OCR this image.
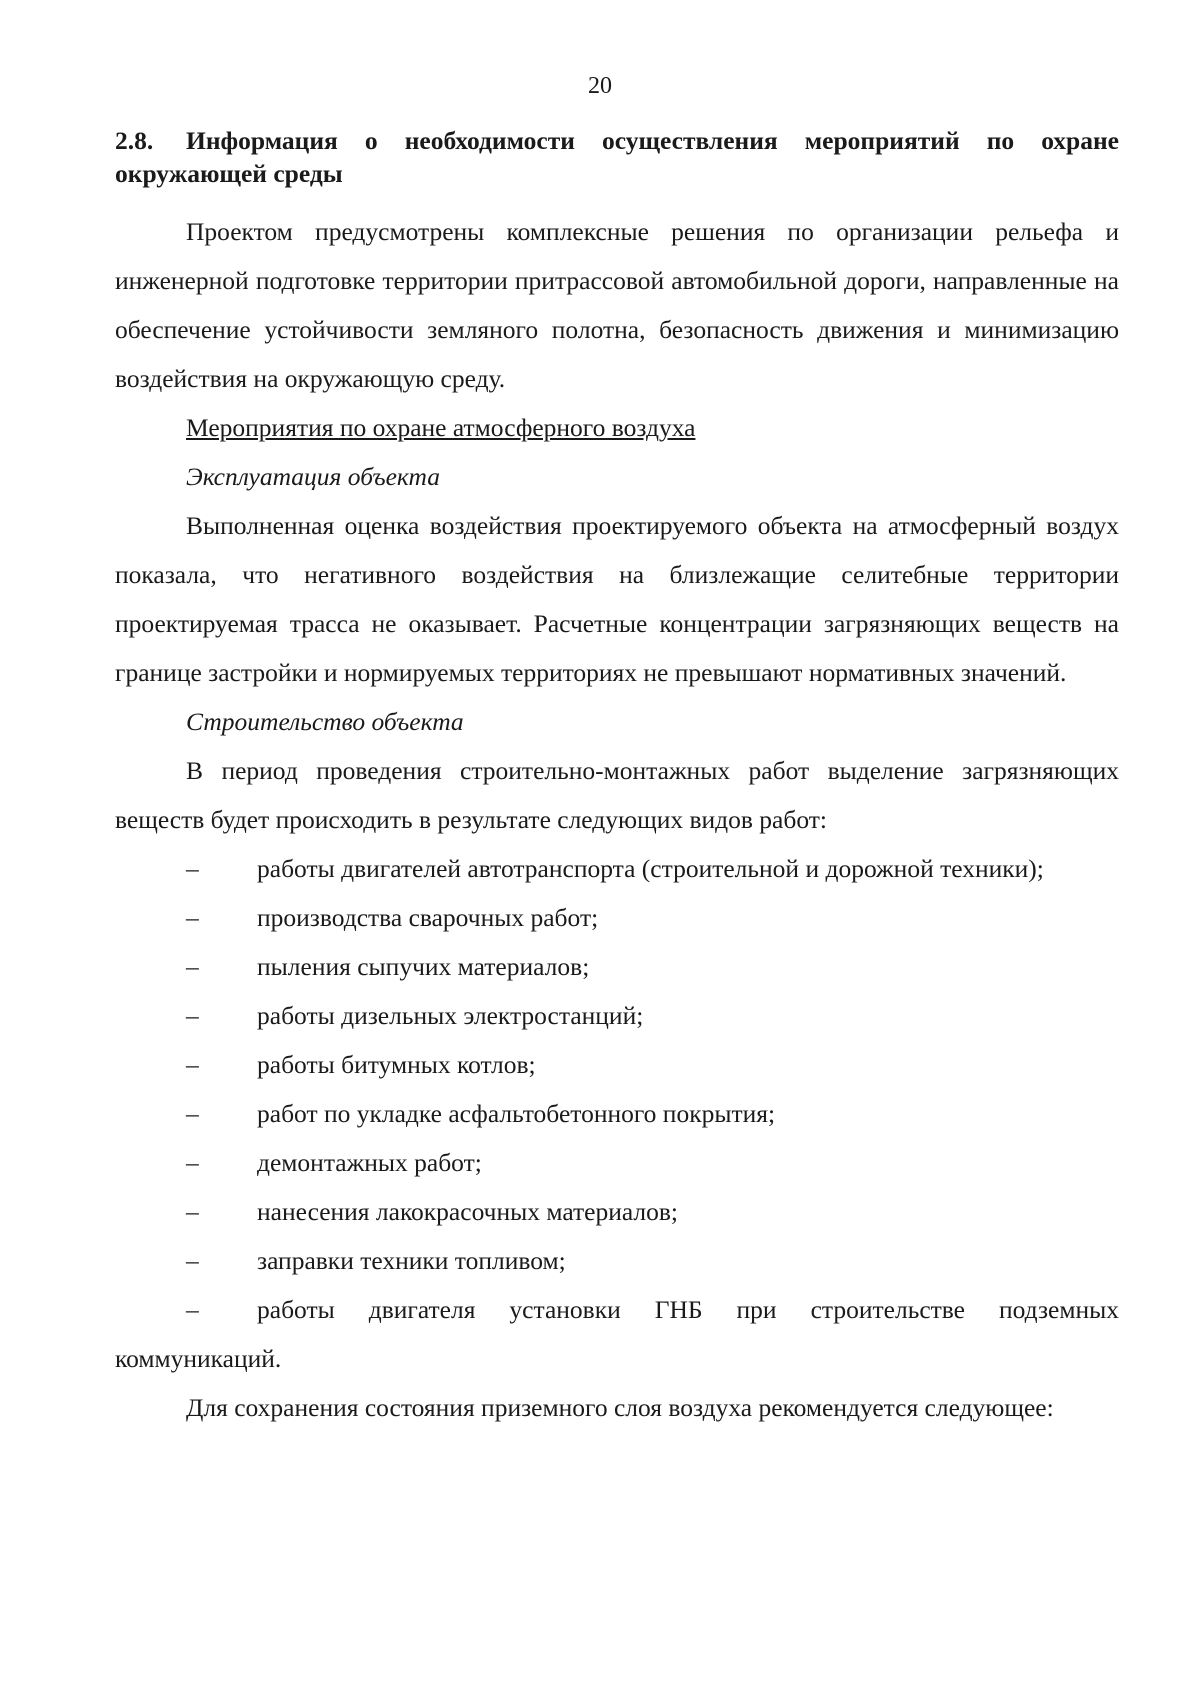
20
2.8. Информация о необходимости осуществления мероприятий по охране окружающей среды

Проектом предусмотрены комплексные решения по организации рельефа и инженерной подготовке территории притрассовой автомобильной дороги, направленные на обеспечение устойчивости земляного полотна, безопасность движения и минимизацию воздействия на окружающую среду.

Мероприятия по охране атмосферного воздуха

Эксплуатация объекта

Выполненная оценка воздействия проектируемого объекта на атмосферный воздух показала, что негативного воздействия на близлежащие селитебные территории проектируемая трасса не оказывает. Расчетные концентрации загрязняющих веществ на границе застройки и нормируемых территориях не превышают нормативных значений.

Строительство объекта

В период проведения строительно-монтажных работ выделение загрязняющих веществ будет происходить в результате следующих видов работ:

– работы двигателей автотранспорта (строительной и дорожной техники);

– производства сварочных работ;

– пыления сыпучих материалов;

– работы дизельных электростанций;

– работы битумных котлов;

– работ по укладке асфальтобетонного покрытия;

– демонтажных работ;

– нанесения лакокрасочных материалов;

– заправки техники топливом;

– работы двигателя установки ГНБ при строительстве подземных коммуникаций.

Для сохранения состояния приземного слоя воздуха рекомендуется следующее:
